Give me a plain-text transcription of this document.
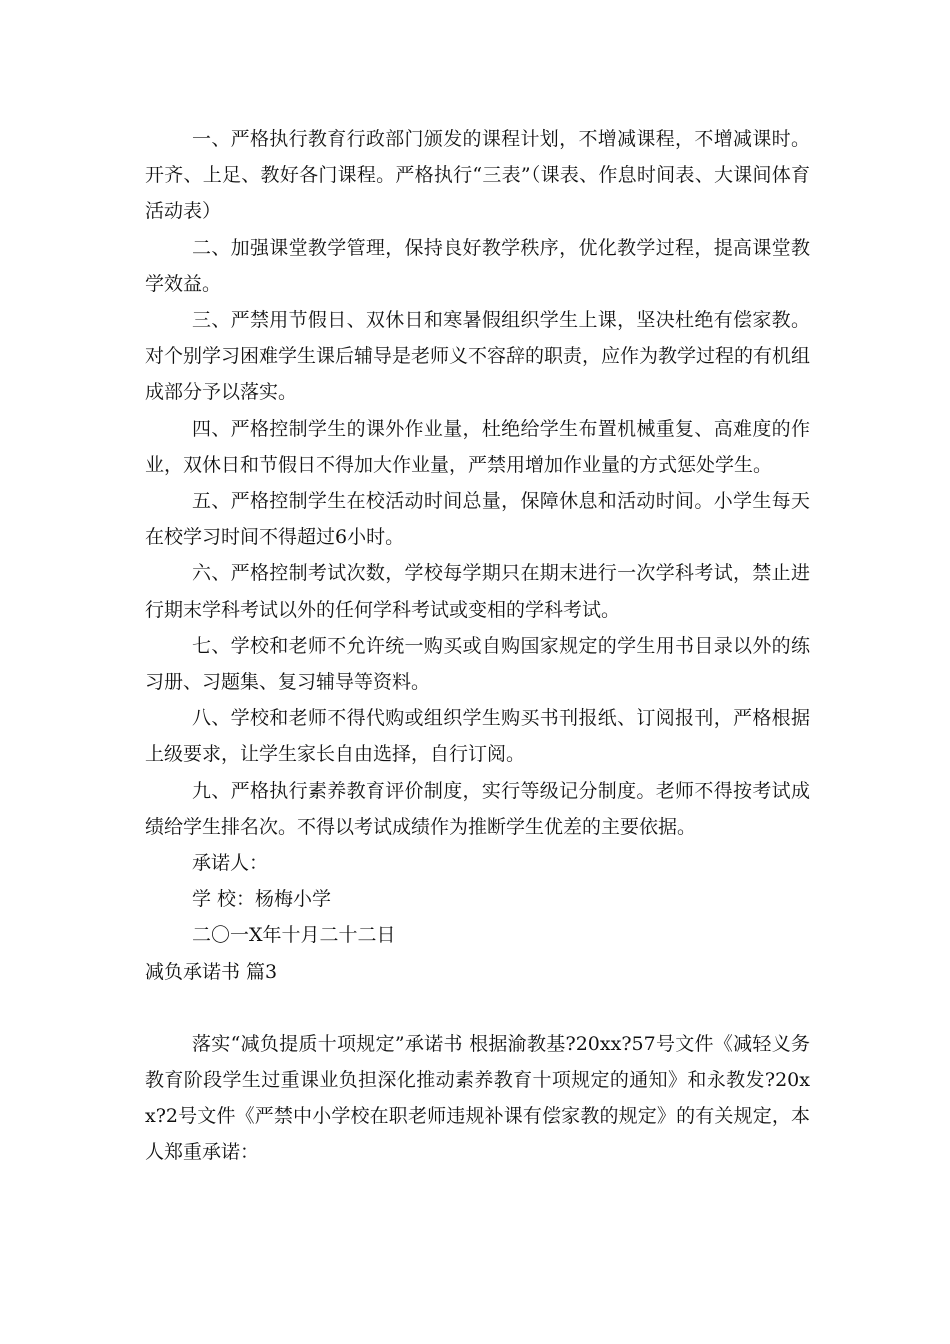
一、严格执行教育行政部门颁发的课程计划，不增减课程，不增减课时。开齐、上足、教好各门课程。严格执行“三表”（课表、作息时间表、大课间体育活动表）

二、加强课堂教学管理，保持良好教学秩序，优化教学过程，提高课堂教学效益。

三、严禁用节假日、双休日和寒暑假组织学生上课，坚决杜绝有偿家教。对个别学习困难学生课后辅导是老师义不容辞的职责，应作为教学过程的有机组成部分予以落实。

四、严格控制学生的课外作业量，杜绝给学生布置机械重复、高难度的作业，双休日和节假日不得加大作业量，严禁用增加作业量的方式惩处学生。

五、严格控制学生在校活动时间总量，保障休息和活动时间。小学生每天在校学习时间不得超过6小时。

六、严格控制考试次数，学校每学期只在期末进行一次学科考试，禁止进行期末学科考试以外的任何学科考试或变相的学科考试。

七、学校和老师不允许统一购买或自购国家规定的学生用书目录以外的练习册、习题集、复习辅导等资料。

八、学校和老师不得代购或组织学生购买书刊报纸、订阅报刊，严格根据上级要求，让学生家长自由选择，自行订阅。

九、严格执行素养教育评价制度，实行等级记分制度。老师不得按考试成绩给学生排名次。不得以考试成绩作为推断学生优差的主要依据。

承诺人：

学 校：杨梅小学

二〇一X年十月二十二日

减负承诺书 篇3

落实“减负提质十项规定”承诺书 根据渝教基?20xx?57号文件《减轻义务教育阶段学生过重课业负担深化推动素养教育十项规定的通知》和永教发?20xx?2号文件《严禁中小学校在职老师违规补课有偿家教的规定》的有关规定，本人郑重承诺：
